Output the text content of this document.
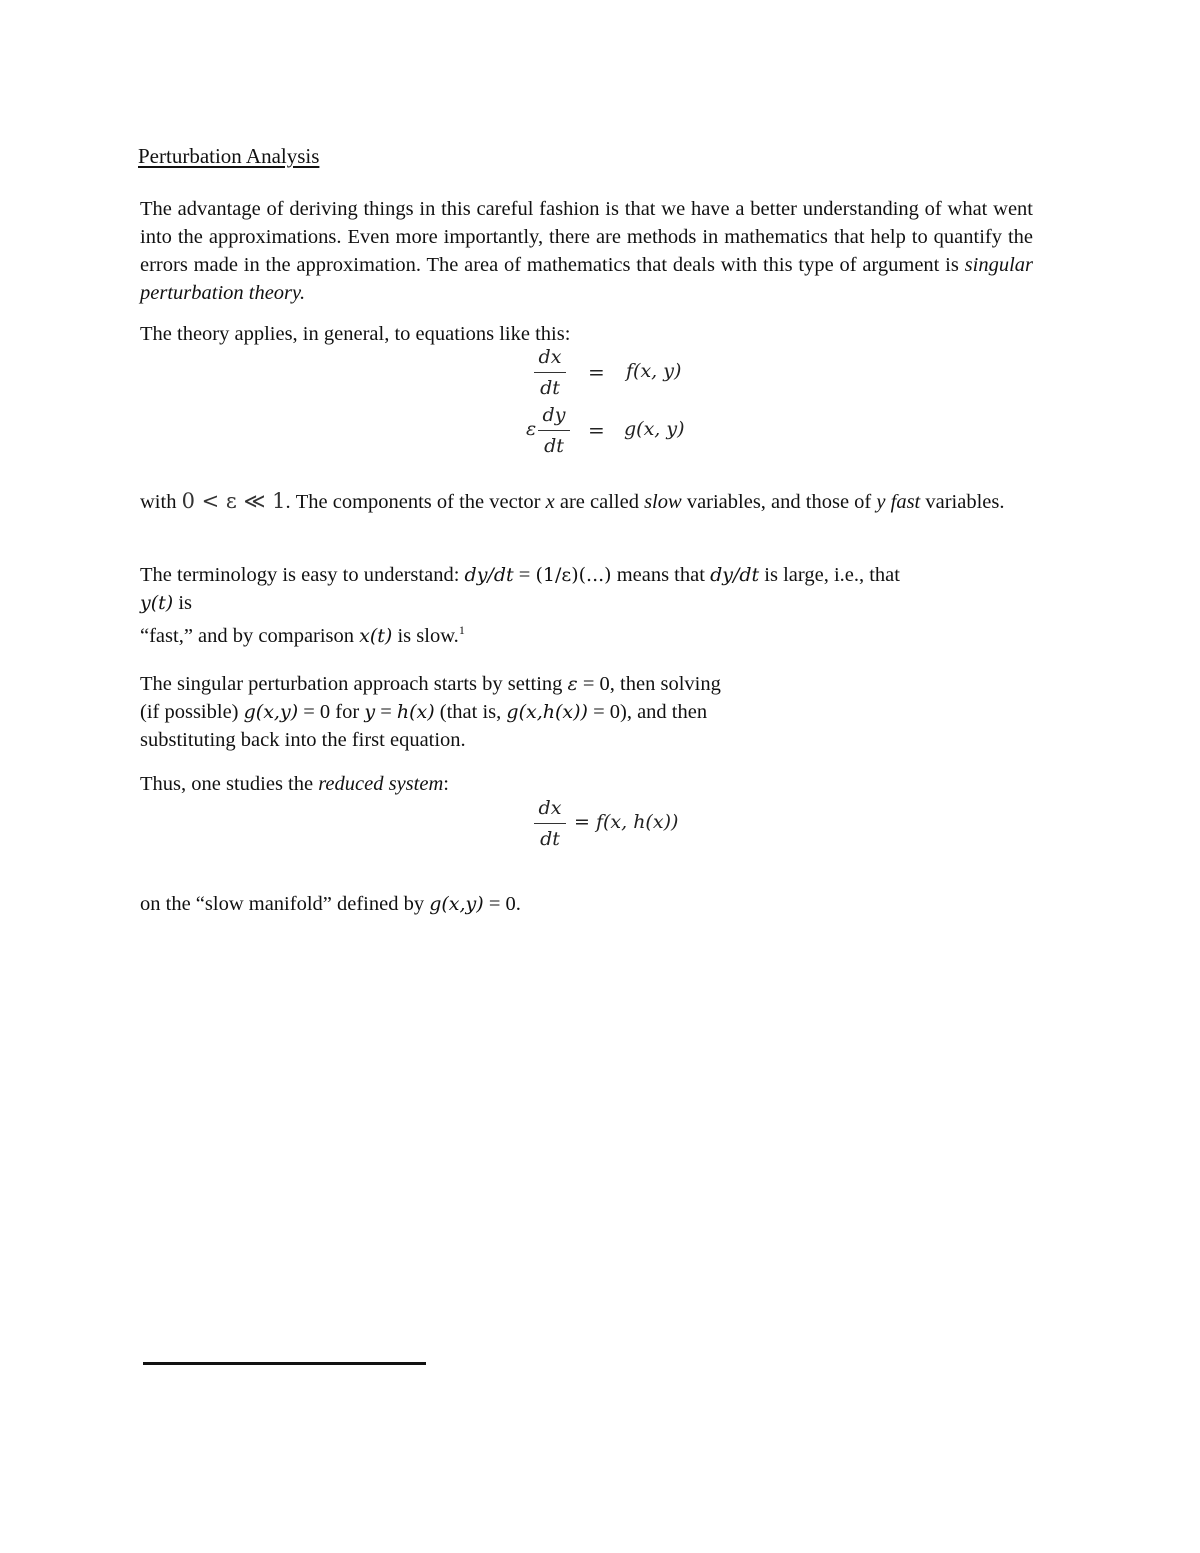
Perturbation Analysis
The advantage of deriving things in this careful fashion is that we have a better understanding of what went into the approximations. Even more importantly, there are methods in mathematics that help to quantify the errors made in the approximation. The area of mathematics that deals with this type of argument is singular perturbation theory.
The theory applies, in general, to equations like this:
dx
dt
= f(x, y)
ε
dy
dt
= g(x, y)
with 0 < ε ≪ 1. The components of the vector x are called slow variables, and those of y fast variables.
The terminology is easy to understand: dy/dt = (1/ε)(...) means that dy/dt is large, i.e., that
y(t) is
“fast,” and by comparison x(t) is slow.$^1$
The singular perturbation approach starts by setting ε = 0, then solving
(if possible) g(x,y) = 0 for y = h(x) (that is, g(x,h(x)) = 0), and then
substituting back into the first equation.
Thus, one studies the reduced system:
dx
dt
= f(x, h(x))
on the “slow manifold” defined by g(x,y) = 0.
